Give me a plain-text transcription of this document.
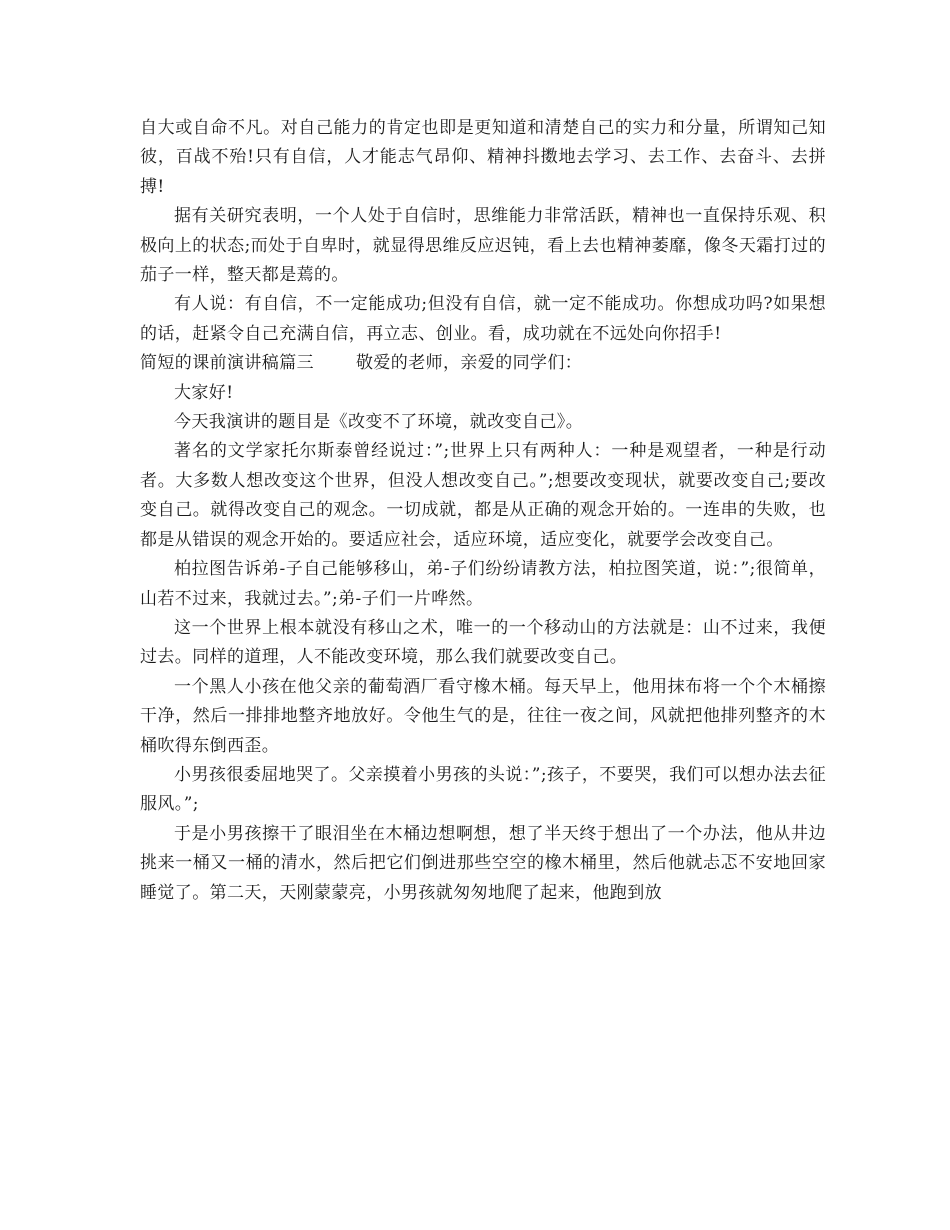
自大或自命不凡。对自己能力的肯定也即是更知道和清楚自己的实力和分量，所谓知己知彼，百战不殆!只有自信，人才能志气昂仰、精神抖擞地去学习、去工作、去奋斗、去拼搏!

据有关研究表明，一个人处于自信时，思维能力非常活跃，精神也一直保持乐观、积极向上的状态;而处于自卑时，就显得思维反应迟钝，看上去也精神萎靡，像冬天霜打过的茄子一样，整天都是蔫的。

有人说：有自信，不一定能成功;但没有自信，就一定不能成功。你想成功吗?如果想的话，赶紧令自己充满自信，再立志、创业。看，成功就在不远处向你招手!

简短的课前演讲稿篇三 敬爱的老师，亲爱的同学们：

大家好!

今天我演讲的题目是《改变不了环境，就改变自己》。

著名的文学家托尔斯泰曾经说过：”;世界上只有两种人：一种是观望者，一种是行动者。大多数人想改变这个世界，但没人想改变自己。”;想要改变现状，就要改变自己;要改变自己。就得改变自己的观念。一切成就，都是从正确的观念开始的。一连串的失败，也都是从错误的观念开始的。要适应社会，适应环境，适应变化，就要学会改变自己。

柏拉图告诉弟-子自己能够移山，弟-子们纷纷请教方法，柏拉图笑道，说：”;很简单，山若不过来，我就过去。”;弟-子们一片哗然。

这一个世界上根本就没有移山之术，唯一的一个移动山的方法就是：山不过来，我便过去。同样的道理，人不能改变环境，那么我们就要改变自己。

一个黑人小孩在他父亲的葡萄酒厂看守橡木桶。每天早上，他用抹布将一个个木桶擦干净，然后一排排地整齐地放好。令他生气的是，往往一夜之间，风就把他排列整齐的木桶吹得东倒西歪。

小男孩很委屈地哭了。父亲摸着小男孩的头说：”;孩子，不要哭，我们可以想办法去征服风。”;

于是小男孩擦干了眼泪坐在木桶边想啊想，想了半天终于想出了一个办法，他从井边挑来一桶又一桶的清水，然后把它们倒进那些空空的橡木桶里，然后他就忐忑不安地回家睡觉了。第二天，天刚蒙蒙亮，小男孩就匆匆地爬了起来，他跑到放
